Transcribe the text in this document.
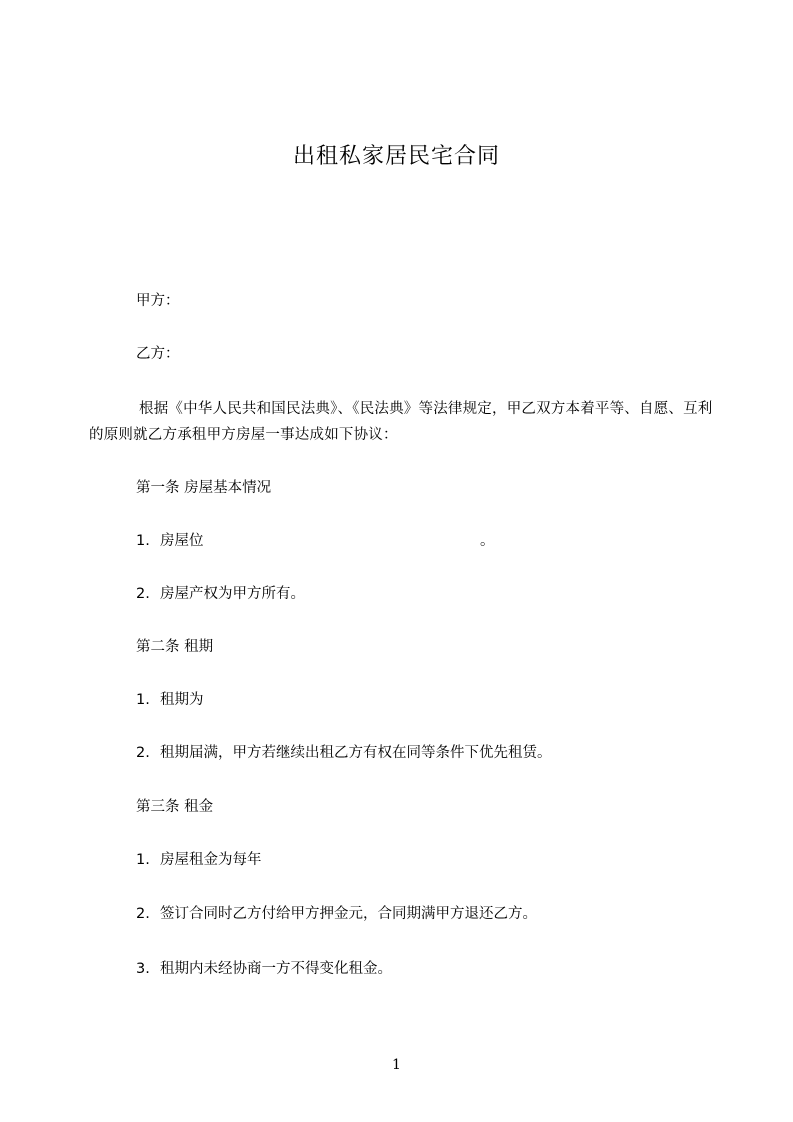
出租私家居民宅合同
甲方：
乙方：
根据《中华人民共和国民法典》、《民法典》等法律规定，甲乙双方本着平等、自愿、互利的原则就乙方承租甲方房屋一事达成如下协议：
第一条 房屋基本情况
1. 房屋位	。
2. 房屋产权为甲方所有。
第二条 租期
1. 租期为
2. 租期届满，甲方若继续出租乙方有权在同等条件下优先租赁。
第三条 租金
1. 房屋租金为每年
2. 签订合同时乙方付给甲方押金元，合同期满甲方退还乙方。
3. 租期内未经协商一方不得变化租金。
1
